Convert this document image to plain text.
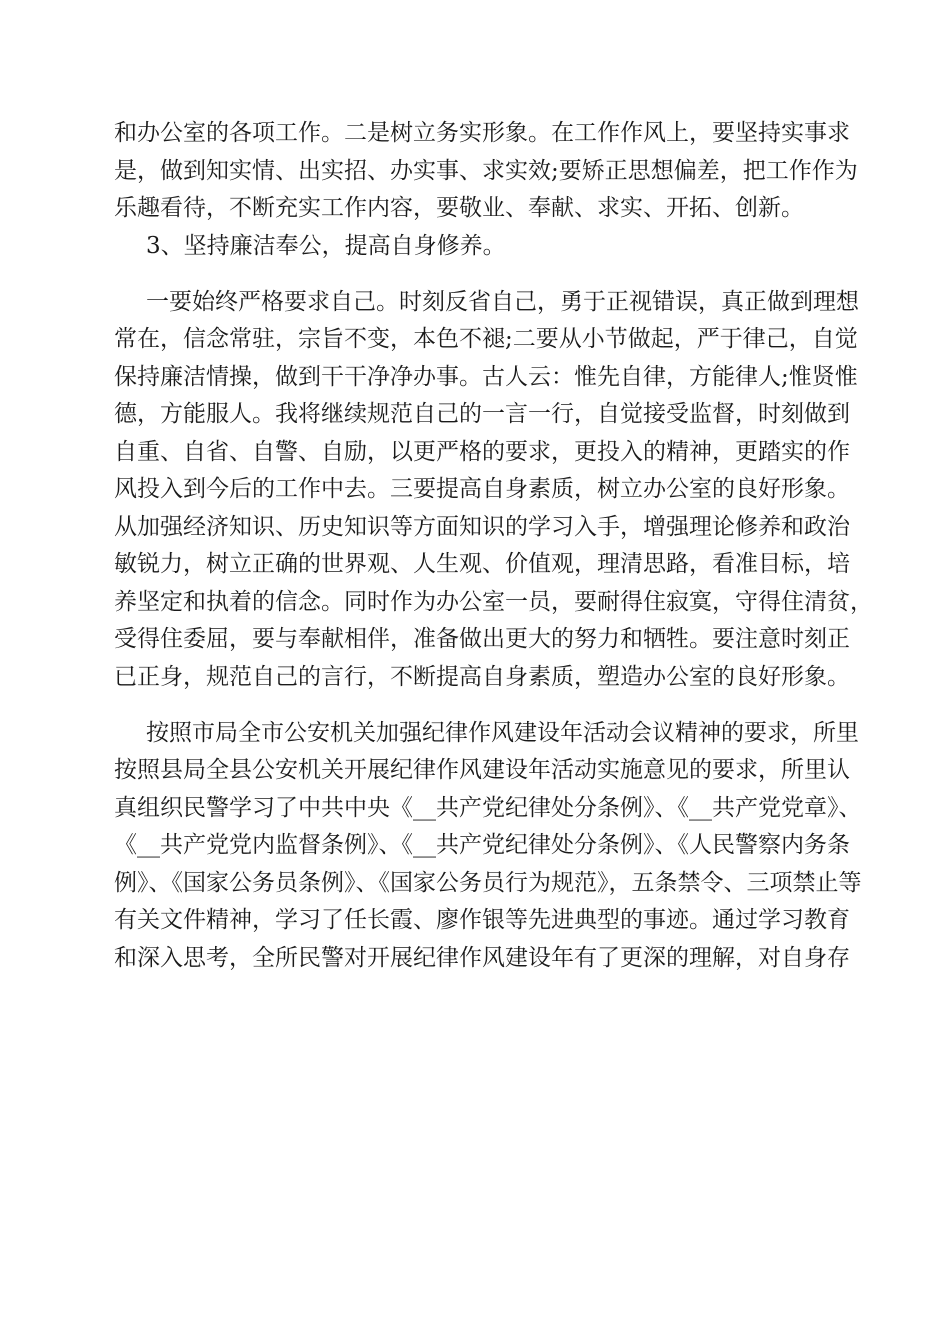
和办公室的各项工作。二是树立务实形象。在工作作风上，要坚持实事求
是，做到知实情、出实招、办实事、求实效;要矫正思想偏差，把工作作为
乐趣看待，不断充实工作内容，要敬业、奉献、求实、开拓、创新。
3、坚持廉洁奉公，提高自身修养。
一要始终严格要求自己。时刻反省自己，勇于正视错误，真正做到理想
常在，信念常驻，宗旨不变，本色不褪;二要从小节做起，严于律己，自觉
保持廉洁情操，做到干干净净办事。古人云：惟先自律，方能律人;惟贤惟
德，方能服人。我将继续规范自己的一言一行，自觉接受监督，时刻做到
自重、自省、自警、自励，以更严格的要求，更投入的精神，更踏实的作
风投入到今后的工作中去。三要提高自身素质，树立办公室的良好形象。
从加强经济知识、历史知识等方面知识的学习入手，增强理论修养和政治
敏锐力，树立正确的世界观、人生观、价值观，理清思路，看准目标，培
养坚定和执着的信念。同时作为办公室一员，要耐得住寂寞，守得住清贫，
受得住委屈，要与奉献相伴，准备做出更大的努力和牺牲。要注意时刻正
已正身，规范自己的言行，不断提高自身素质，塑造办公室的良好形象。
按照市局全市公安机关加强纪律作风建设年活动会议精神的要求，所里
按照县局全县公安机关开展纪律作风建设年活动实施意见的要求，所里认
真组织民警学习了中共中央《__共产党纪律处分条例》、《__共产党党章》、
《__共产党党内监督条例》、《__共产党纪律处分条例》、《人民警察内务条
例》、《国家公务员条例》、《国家公务员行为规范》，五条禁令、三项禁止等
有关文件精神，学习了任长霞、廖作银等先进典型的事迹。通过学习教育
和深入思考，全所民警对开展纪律作风建设年有了更深的理解，对自身存
